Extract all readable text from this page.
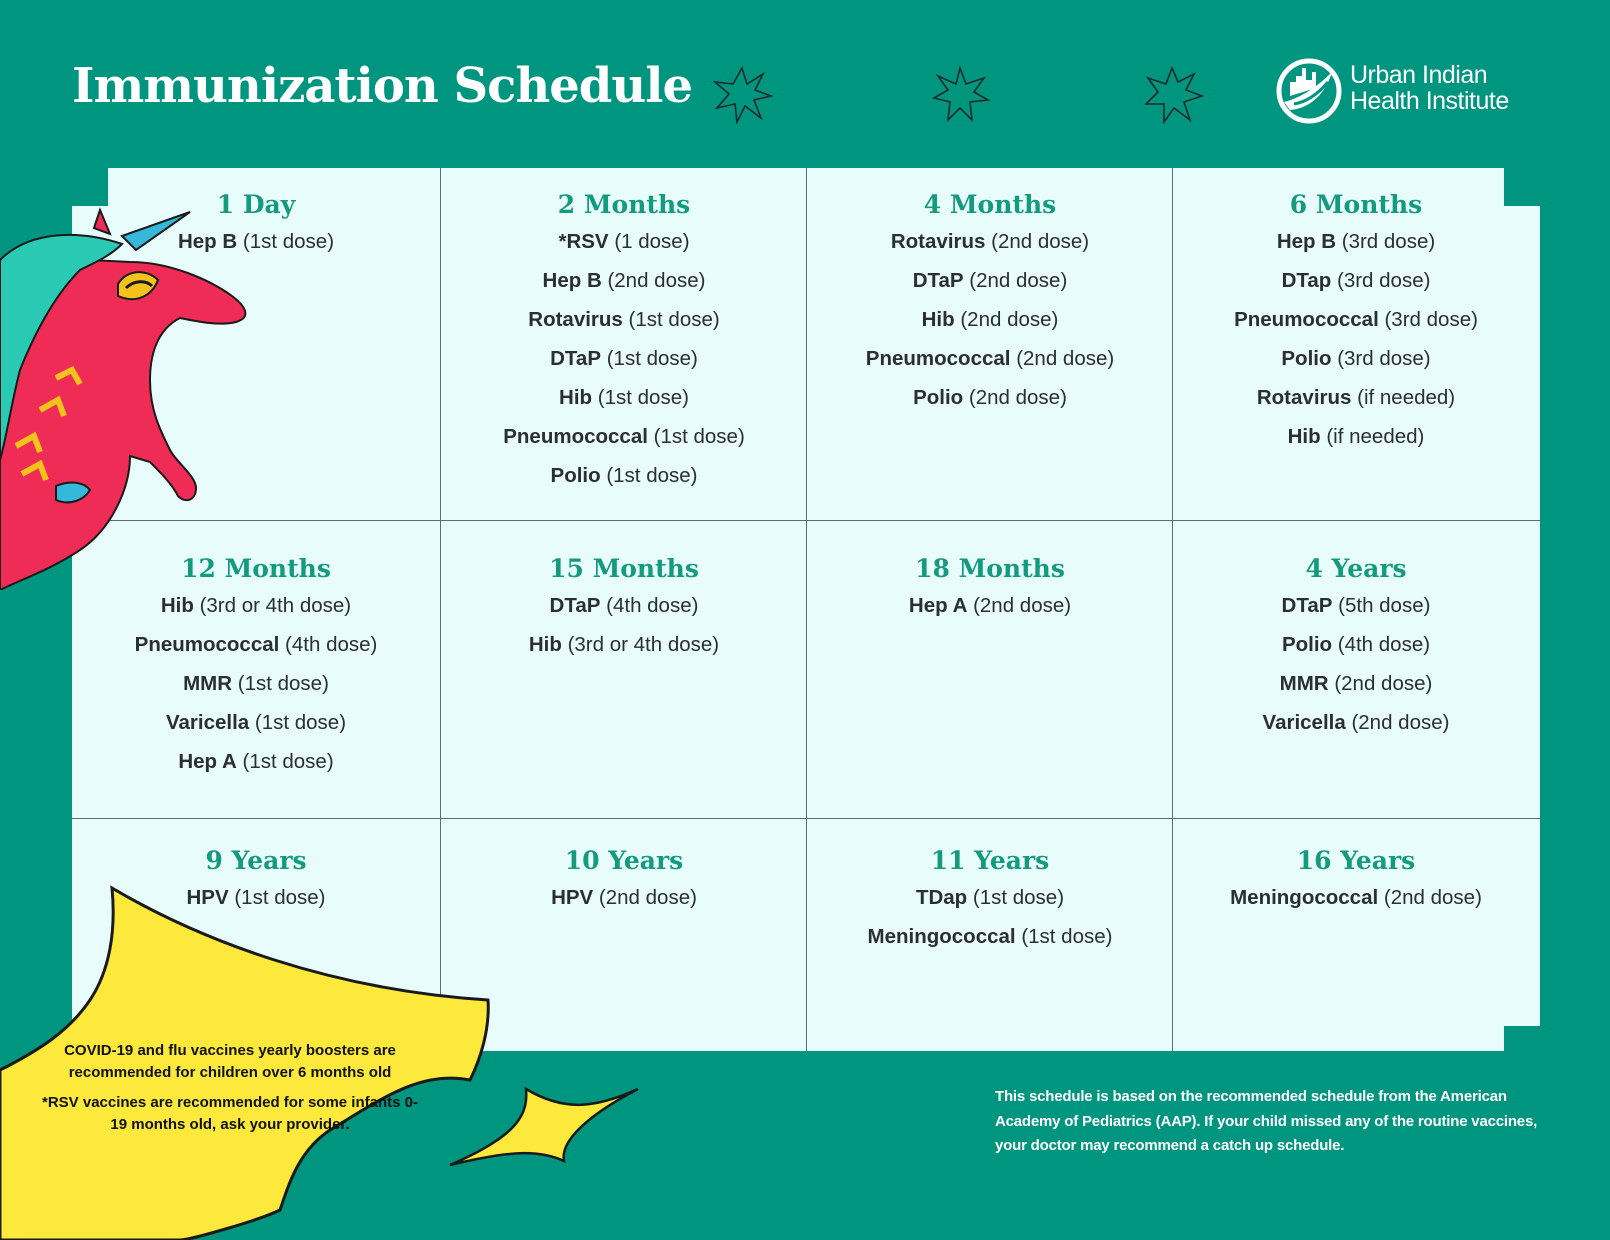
Immunization Schedule	Urban Indian
Health Institute

COVID-19 and flu vaccines yearly boosters are recommended for children over 6 months old

*RSV vaccines are recommended for some infants 0-19 months old, ask your provider.

This schedule is based on the recommended schedule from the American Academy of Pediatrics (AAP). If your child missed any of the routine vaccines, your doctor may recommend a catch up schedule.

1 Day
Hep B (1st dose)
2 Months
*RSV (1 dose)
Hep B (2nd dose)
Rotavirus (1st dose)
DTaP (1st dose)
Hib (1st dose)
Pneumococcal (1st dose)
Polio (1st dose)
4 Months
Rotavirus (2nd dose)
DTaP (2nd dose)
Hib (2nd dose)
Pneumococcal (2nd dose)
Polio (2nd dose)
6 Months
Hep B (3rd dose)
DTap (3rd dose)
Pneumococcal (3rd dose)
Polio (3rd dose)
Rotavirus (if needed)
Hib (if needed)
12 Months
Hib (3rd or 4th dose)
Pneumococcal (4th dose)
MMR (1st dose)
Varicella (1st dose)
Hep A (1st dose)
15 Months
DTaP (4th dose)
Hib (3rd or 4th dose)
18 Months
Hep A (2nd dose)
4 Years
DTaP (5th dose)
Polio (4th dose)
MMR (2nd dose)
Varicella (2nd dose)
9 Years
HPV (1st dose)
10 Years
HPV (2nd dose)
11 Years
TDap (1st dose)
Meningococcal (1st dose)
16 Years
Meningococcal (2nd dose)
